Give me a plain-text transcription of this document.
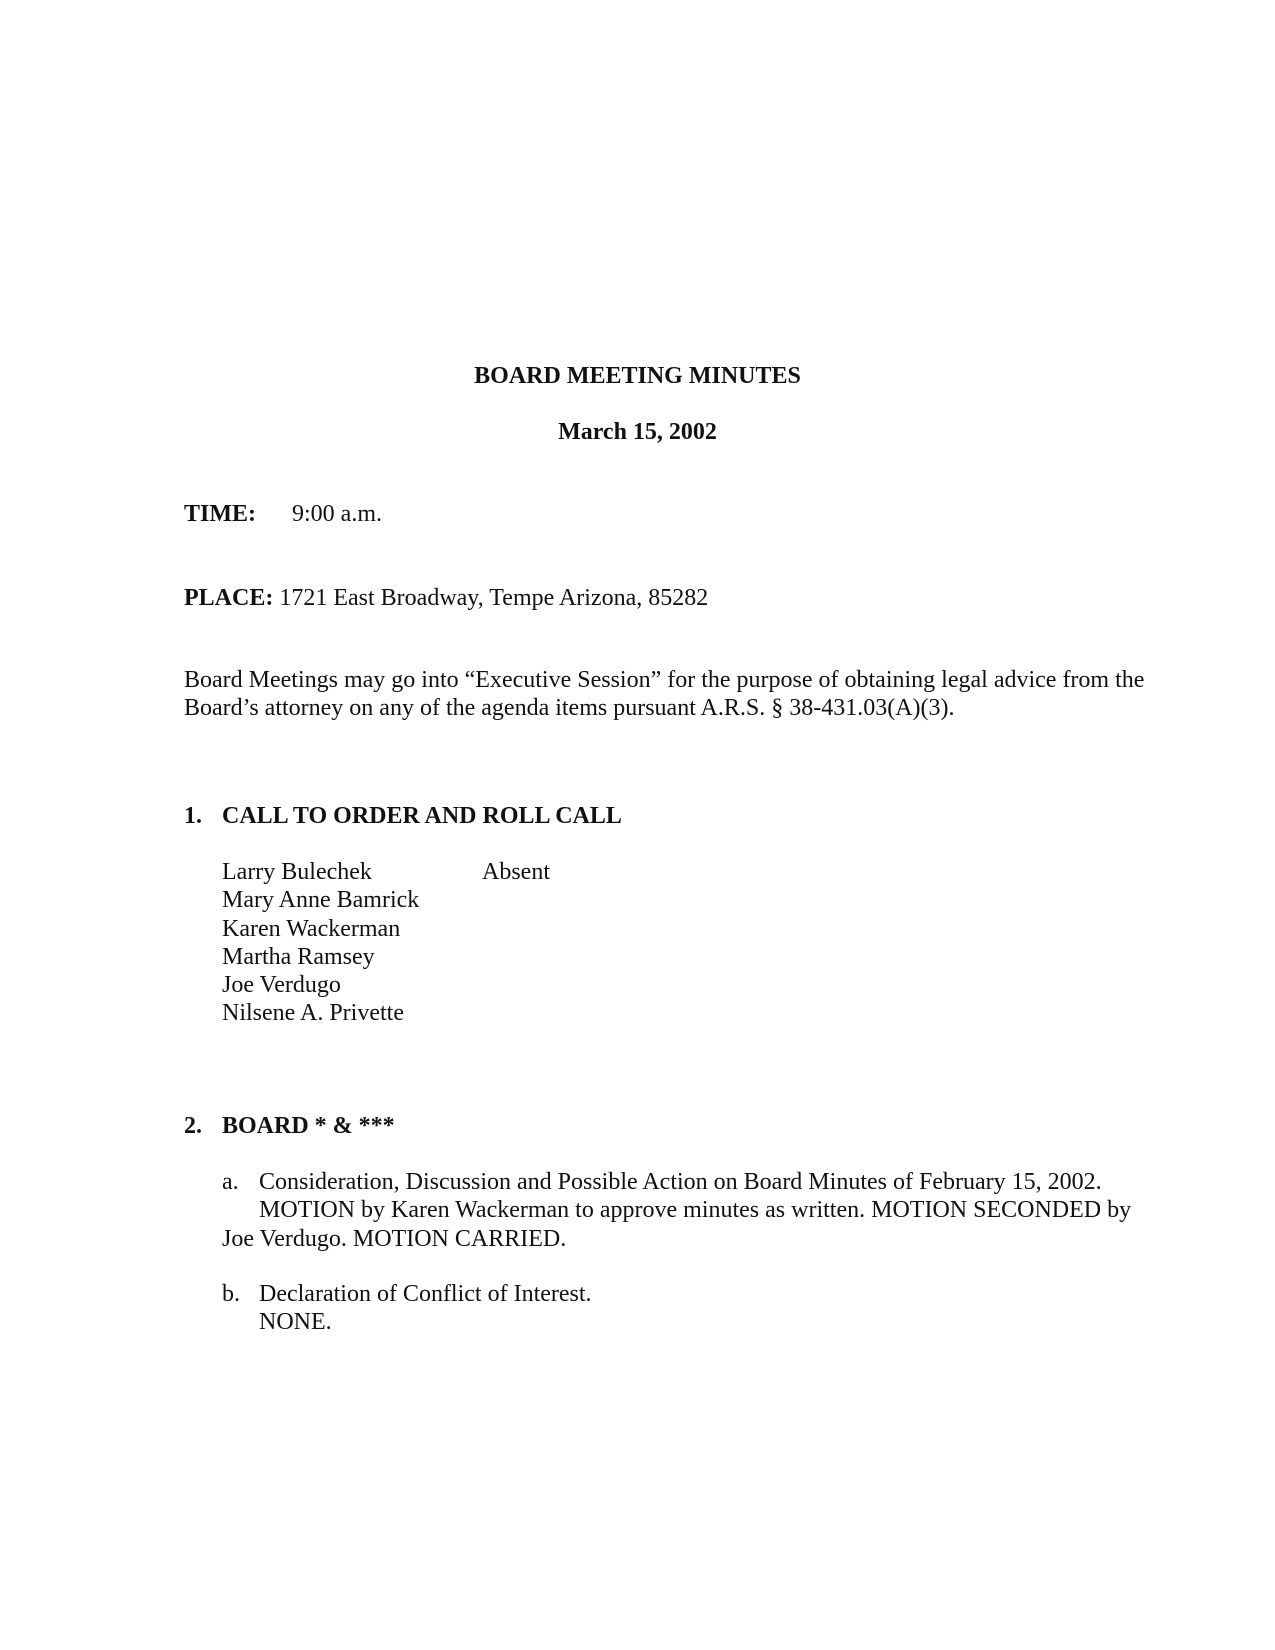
BOARD MEETING MINUTES
March 15, 2002
TIME: 9:00 a.m.
PLACE: 1721 East Broadway, Tempe Arizona, 85282
Board Meetings may go into “Executive Session” for the purpose of obtaining legal advice from the Board’s attorney on any of the agenda items pursuant A.R.S. § 38-431.03(A)(3).
1. CALL TO ORDER AND ROLL CALL
Larry Bulechek	Absent
Mary Anne Bamrick
Karen Wackerman
Martha Ramsey
Joe Verdugo
Nilsene A. Privette
2. BOARD * & ***
a. Consideration, Discussion and Possible Action on Board Minutes of February 15, 2002.
MOTION by Karen Wackerman to approve minutes as written. MOTION SECONDED by
Joe Verdugo. MOTION CARRIED.
b. Declaration of Conflict of Interest.
NONE.
